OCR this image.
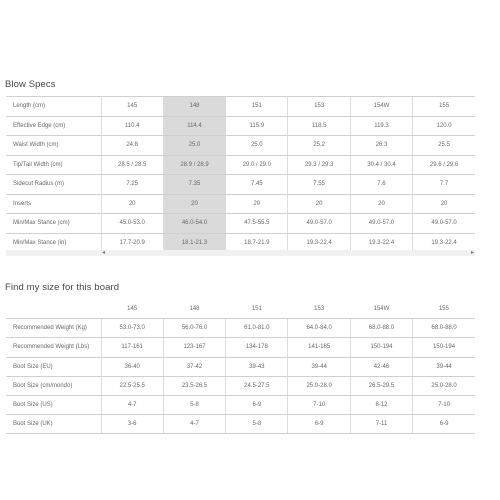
Blow Specs
Length (cm)	145	148	151	153	154W	155
Effective Edge (cm)	110.4	114.4	115.9	118.5	119.3	120.0
Waist Width (cm)	24.8	25.0	25.0	25.2	26.3	25.5
Tip/Tail Width (cm)	28.5 / 28.5	28.9 / 28.9	29.0 / 29.0	29.3 / 29.3	30.4 / 30.4	29.6 / 29.6
Sidecut Radius (m)	7.25	7.35	7.45	7.55	7.6	7.7
Inserts	20	20	20	20	20	20
Min/Max Stance (cm)	45.0-53.0	46.0-54.0	47.5-55.5	49.0-57.0	49.0-57.0	49.0-57.0
Min/Max Stance (in)	17.7-20.9	18.1-21.3	18.7-21.9	19.3-22.4	19.3-22.4	19.3-22.4
◂	▸
Find my size for this board
	145	148	151	153	154W	155
Recommended Weight (Kg)	53.0-73.0	56.0-76.0	61.0-81.0	64.0-84.0	68.0-88.0	68.0-88.0
Recommended Weight (Lbs)	117-161	123-167	134-178	141-185	150-194	150-194
Boot Size (EU)	36-40	37-42	39-43	39-44	42-46	39-44
Boot Size (cm/mondo)	22.5-25.5	23.5-26.5	24.5-27.5	25.0-28.0	26.5-29.5	25.0-28.0
Boot Size (US)	4-7	5-8	6-9	7-10	8-12	7-10
Boot Size (UK)	3-6	4-7	5-8	6-9	7-11	6-9
